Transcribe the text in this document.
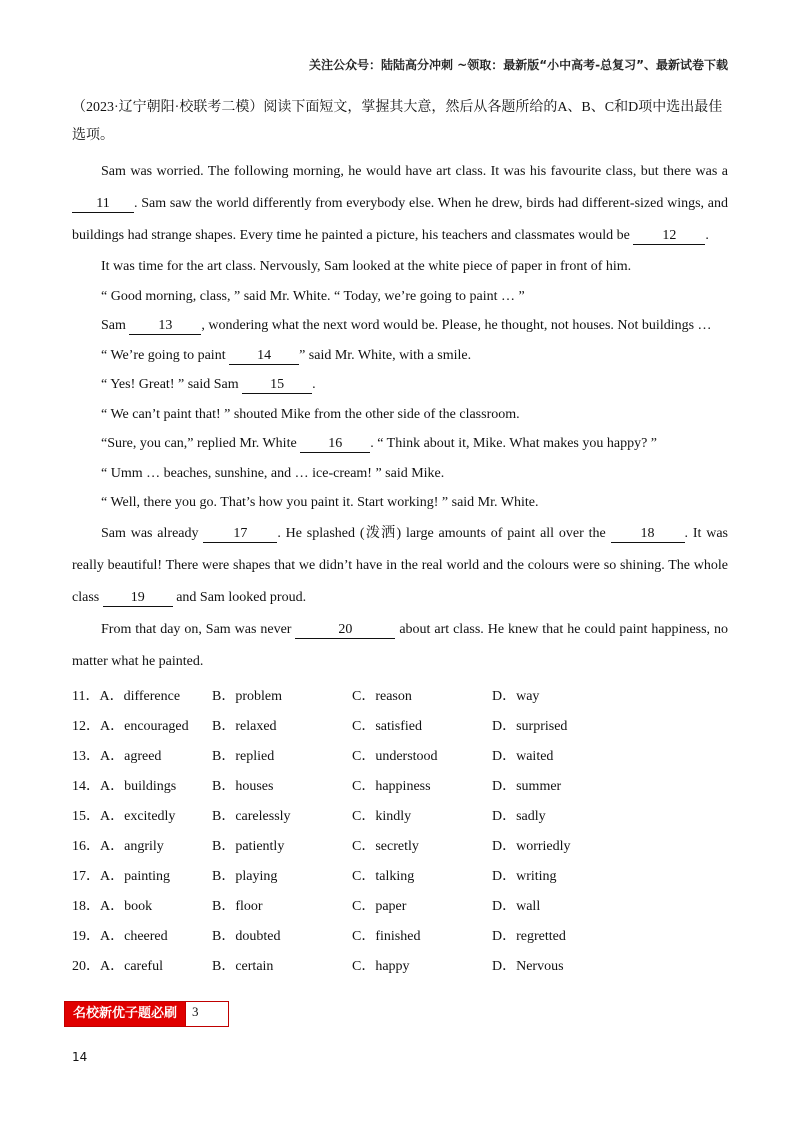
关注公众号：陆陆高分冲刺 ~领取：最新版“小中高考-总复习”、最新试卷下载
（2023·辽宁朝阳·校联考二模）阅读下面短文，掌握其大意，然后从各题所给的A、B、C和D项中选出最佳选项。

Sam was worried. The following morning, he would have art class. It was his favourite class, but there was a 11 . Sam saw the world differently from everybody else. When he drew, birds had different-sized wings, and buildings had strange shapes. Every time he painted a picture, his teachers and classmates would be 12 .

It was time for the art class. Nervously, Sam looked at the white piece of paper in front of him.

“ Good morning, class, ” said Mr. White. “ Today, we’re going to paint … ”

Sam 13 , wondering what the next word would be. Please, he thought, not houses. Not buildings …

“ We’re going to paint 14 ” said Mr. White, with a smile.

“ Yes! Great! ” said Sam 15 .

“ We can’t paint that! ” shouted Mike from the other side of the classroom.

“Sure, you can,” replied Mr. White 16 . “ Think about it, Mike. What makes you happy? ”

“ Umm … beaches, sunshine, and … ice-cream! ” said Mike.

“ Well, there you go. That’s how you paint it. Start working! ” said Mr. White.

Sam was already 17 . He splashed (泼洒) large amounts of paint all over the 18 . It was really beautiful! There were shapes that we didn’t have in the real world and the colours were so shining. The whole class 19 and Sam looked proud.

From that day on, Sam was never	20	about art class. He knew that he could paint happiness, no matter what he painted.

11．A．difference	B．problem	C．reason	D．way
12．A．encouraged	B．relaxed	C．satisfied	D．surprised
13．A．agreed	B．replied	C．understood	D．waited
14．A．buildings	B．houses	C．happiness	D．summer
15．A．excitedly	B．carelessly	C．kindly	D．sadly
16．A．angrily	B．patiently	C．secretly	D．worriedly
17．A．painting	B．playing	C．talking	D．writing
18．A．book	B．floor	C．paper	D．wall
19．A．cheered	B．doubted	C．finished	D．regretted
20．A．careful	B．certain	C．happy	D．Nervous
名校新优子题必刷	3
14
